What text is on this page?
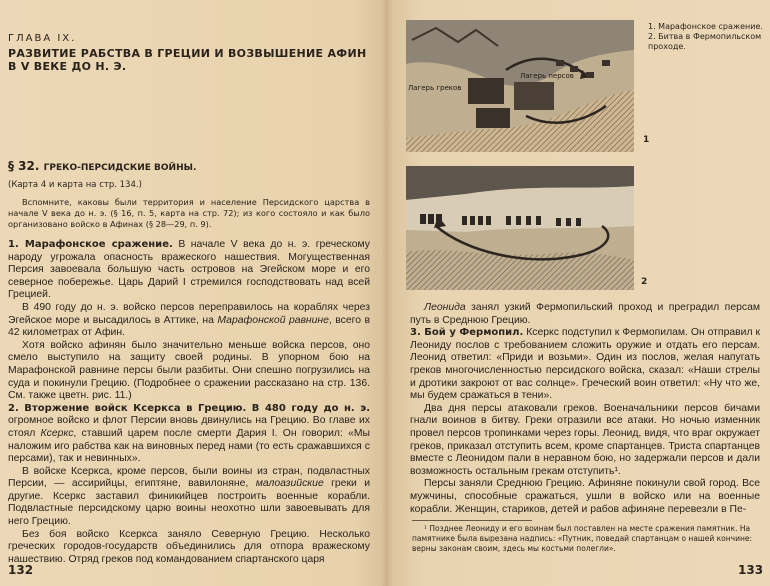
ГЛАВА IX.
РАЗВИТИЕ РАБСТВА В ГРЕЦИИ И ВОЗВЫШЕНИЕ АФИН
В V ВЕКЕ ДО Н. Э.
§ 32. ГРЕКО-ПЕРСИДСКИЕ ВОЙНЫ.
(Карта 4 и карта на стр. 134.)
Вспомните, каковы были территория и население Персидского царства в начале V века до н. э. (§ 16, п. 5, карта на стр. 72); из кого состояло и как было организовано войско в Афинах (§ 28—29, п. 9).

1. Марафонское сражение. В начале V века до н. э. греческому народу угрожала опасность вражеского нашествия. Могущественная Персия завоевала большую часть островов на Эгейском море и его северное побережье. Царь Дарий I стремился господствовать над всей Грецией.

В 490 году до н. э. войско персов переправилось на кораблях через Эгейское море и высадилось в Аттике, на Марафонской равнине, всего в 42 километрах от Афин.

Хотя войско афинян было значительно меньше войска персов, оно смело выступило на защиту своей родины. В упорном бою на Марафонской равнине персы были разбиты. Они спешно погрузились на суда и покинули Грецию. (Подробнее о сражении рассказано на стр. 136. См. также цветн. рис. 11.)

2. Вторжение войск Ксеркса в Грецию. В 480 году до н. э. огромное войско и флот Персии вновь двинулись на Грецию. Во главе их стоял Ксеркс, ставший царем после смерти Дария I. Он говорил: «Мы наложим иго рабства как на виновных перед нами (то есть сражавшихся с персами), так и невинных».

В войске Ксеркса, кроме персов, были воины из стран, подвластных Персии, — ассирийцы, египтяне, вавилоняне, малоазийские греки и другие. Ксеркс заставил финикийцев построить военные корабли. Подвластные персидскому царю воины неохотно шли завоевывать для него Грецию.

Без боя войско Ксеркса заняло Северную Грецию. Несколько греческих городов-государств объединились для отпора вражескому нашествию. Отряд греков под командованием спартанского царя

132
Лагерь греков
Лагерь персов
1. Марафонское сражение. 2. Битва в Фермопильском проходе.
1
2

Леонида занял узкий Фермопильский проход и преградил персам путь в Среднюю Грецию.

3. Бой у Фермопил. Ксеркс подступил к Фермопилам. Он отправил к Леониду послов с требованием сложить оружие и отдать его персам. Леонид ответил: «Приди и возьми». Один из послов, желая напугать греков многочисленностью персидского войска, сказал: «Наши стрелы и дротики закроют от вас солнце». Греческий воин ответил: «Ну что же, мы будем сражаться в тени».

Два дня персы атаковали греков. Военачальники персов бичами гнали воинов в битву. Греки отразили все атаки. Но ночью изменник провел персов тропинками через горы. Леонид, видя, что враг окружает греков, приказал отступить всем, кроме спартанцев. Триста спартанцев вместе с Леонидом пали в неравном бою, но задержали персов и дали возможность остальным грекам отступить¹.

Персы заняли Среднюю Грецию. Афиняне покинули свой город. Все мужчины, способные сражаться, ушли в войско или на военные корабли. Женщин, стариков, детей и рабов афиняне перевезли в Пе-

¹ Позднее Леониду и его воинам был поставлен на месте сражения памятник. На памятнике была вырезана надпись: «Путник, поведай спартанцам о нашей кончине: верны законам своим, здесь мы костьми полегли».
133
